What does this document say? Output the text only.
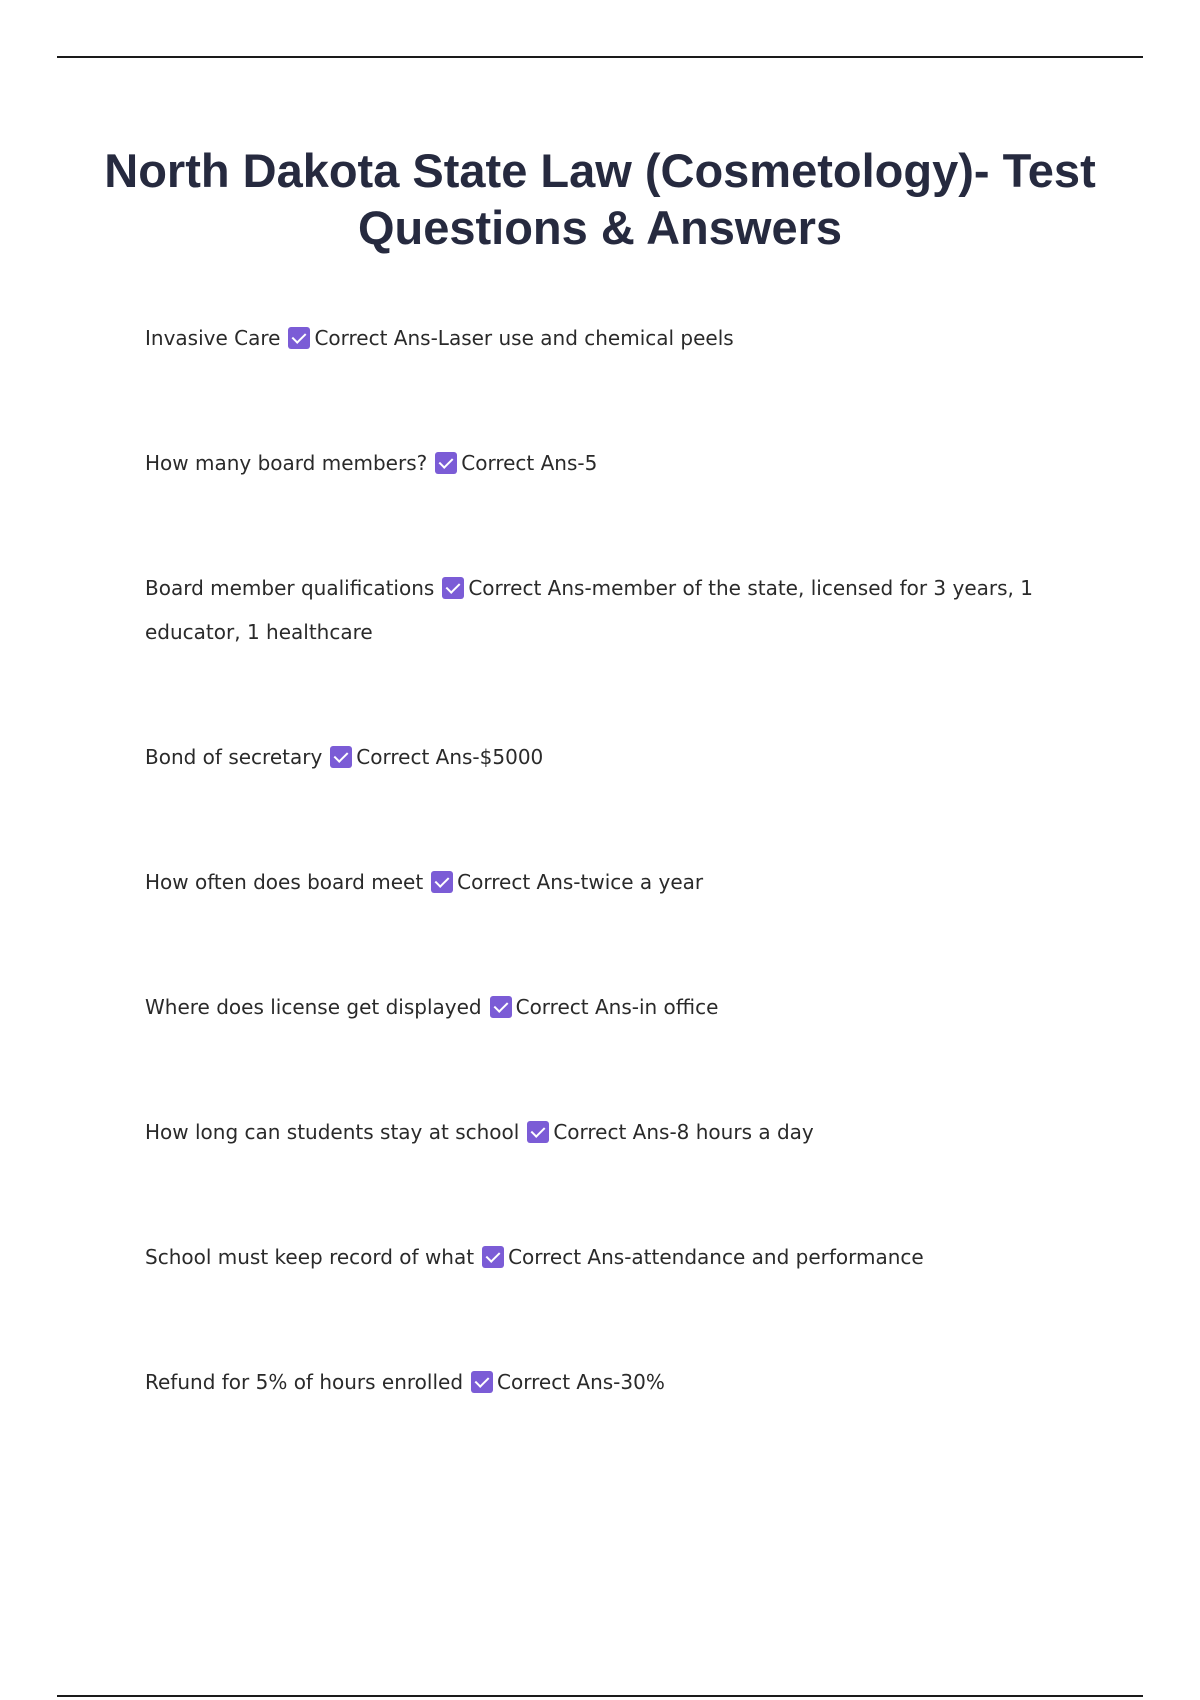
North Dakota State Law (Cosmetology)- Test Questions & Answers
Invasive Care Correct Ans-Laser use and chemical peels
How many board members? Correct Ans-5
Board member qualifications Correct Ans-member of the state, licensed for 3 years, 1 educator, 1 healthcare
Bond of secretary Correct Ans-$5000
How often does board meet Correct Ans-twice a year
Where does license get displayed Correct Ans-in office
How long can students stay at school Correct Ans-8 hours a day
School must keep record of what Correct Ans-attendance and performance
Refund for 5% of hours enrolled Correct Ans-30%
